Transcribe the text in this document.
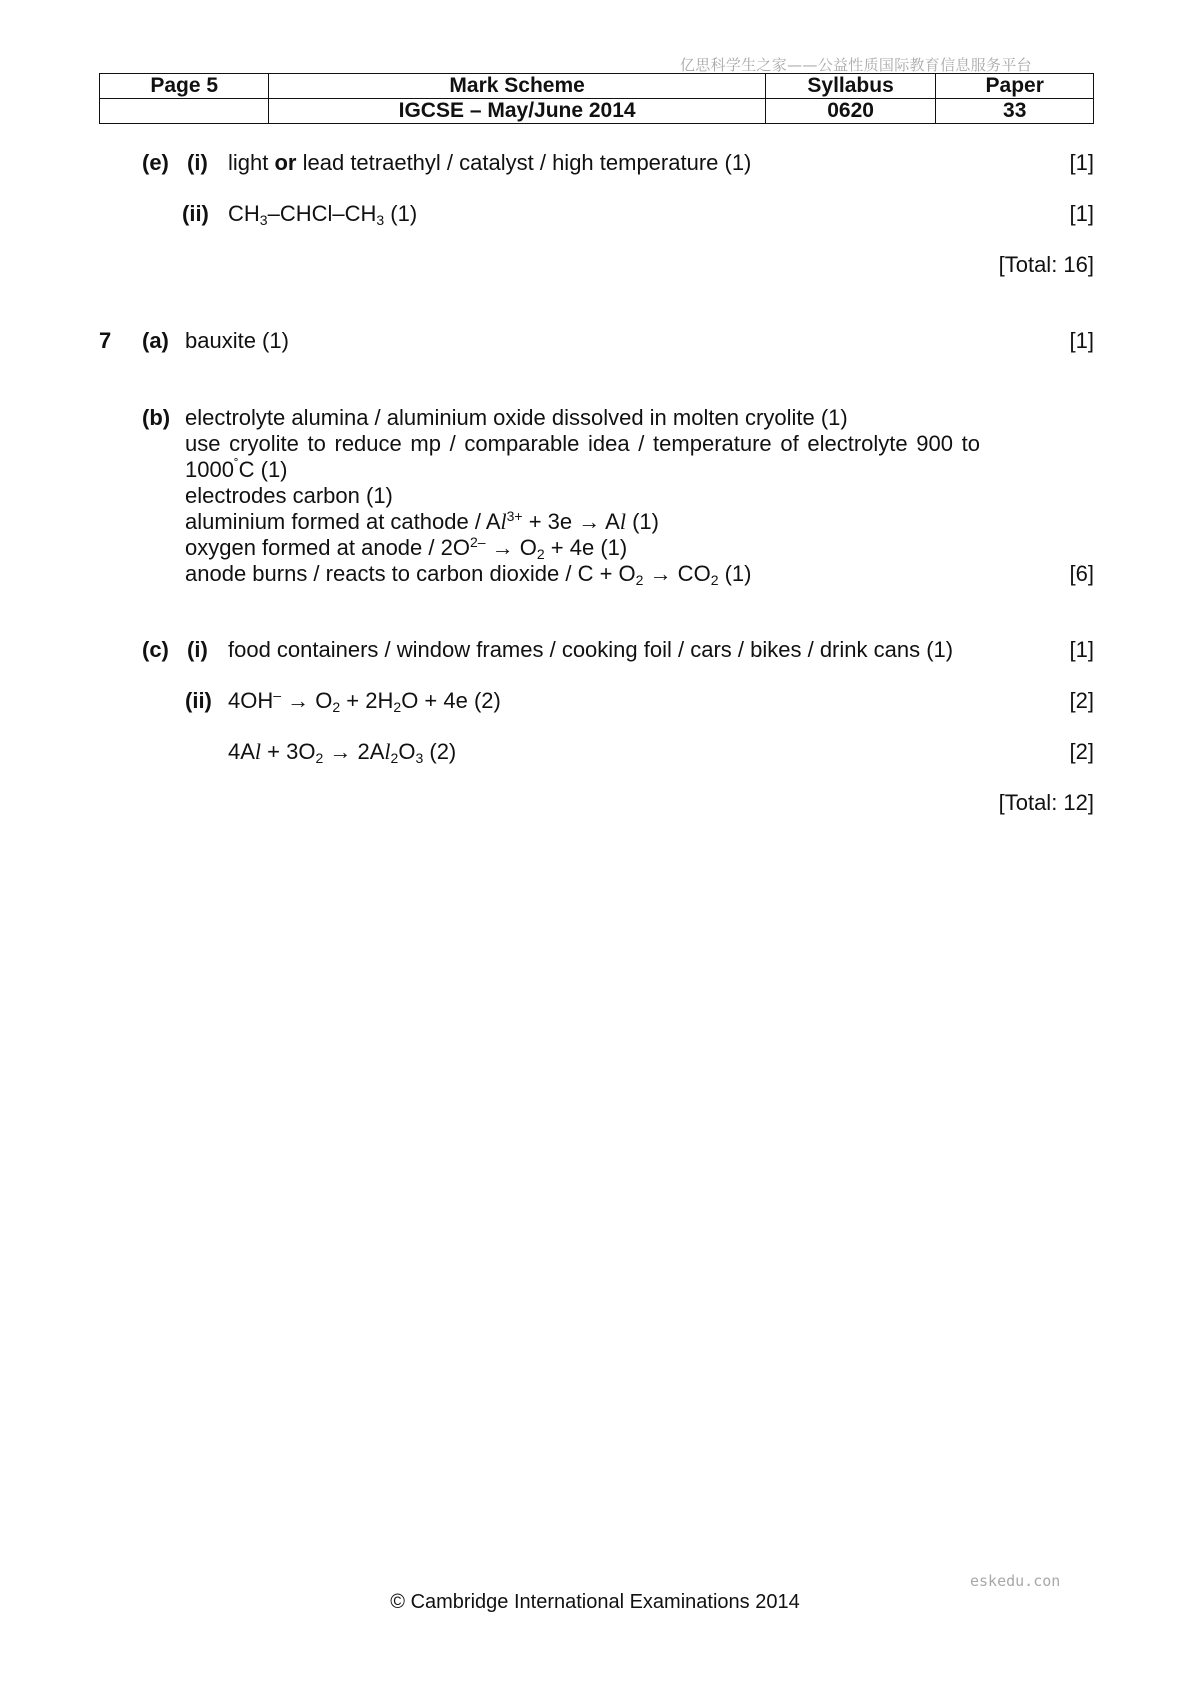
亿思科学生之家——公益性质国际教育信息服务平台
Page 5	Mark Scheme	Syllabus	Paper
	IGCSE – May/June 2014	0620	33
(e) (i) light or lead tetraethyl / catalyst / high temperature (1)	[1]
(ii) $CH_3-CHCl-CH_3$ (1)	[1]
[Total: 16]
7 (a) bauxite (1)	[1]
(b) electrolyte alumina / aluminium oxide dissolved in molten cryolite (1)
use cryolite to reduce mp / comparable idea / temperature of electrolyte 900 to
1000˚C (1)
electrodes carbon (1)
aluminium formed at cathode / $Al^{3+} + 3e \to Al$ (1)
oxygen formed at anode / $2O^{2-} \to O_2 + 4e$ (1)
anode burns / reacts to carbon dioxide / $C + O_2 \to CO_2$ (1)	[6]
(c) (i) food containers / window frames / cooking foil / cars / bikes / drink cans (1)	[1]
(ii) $4OH^- \to O_2 + 2H_2O + 4e$ (2)	[2]
$4Al + 3O_2 \to 2Al_2O_3$ (2)	[2]
[Total: 12]
eskedu.con
© Cambridge International Examinations 2014
